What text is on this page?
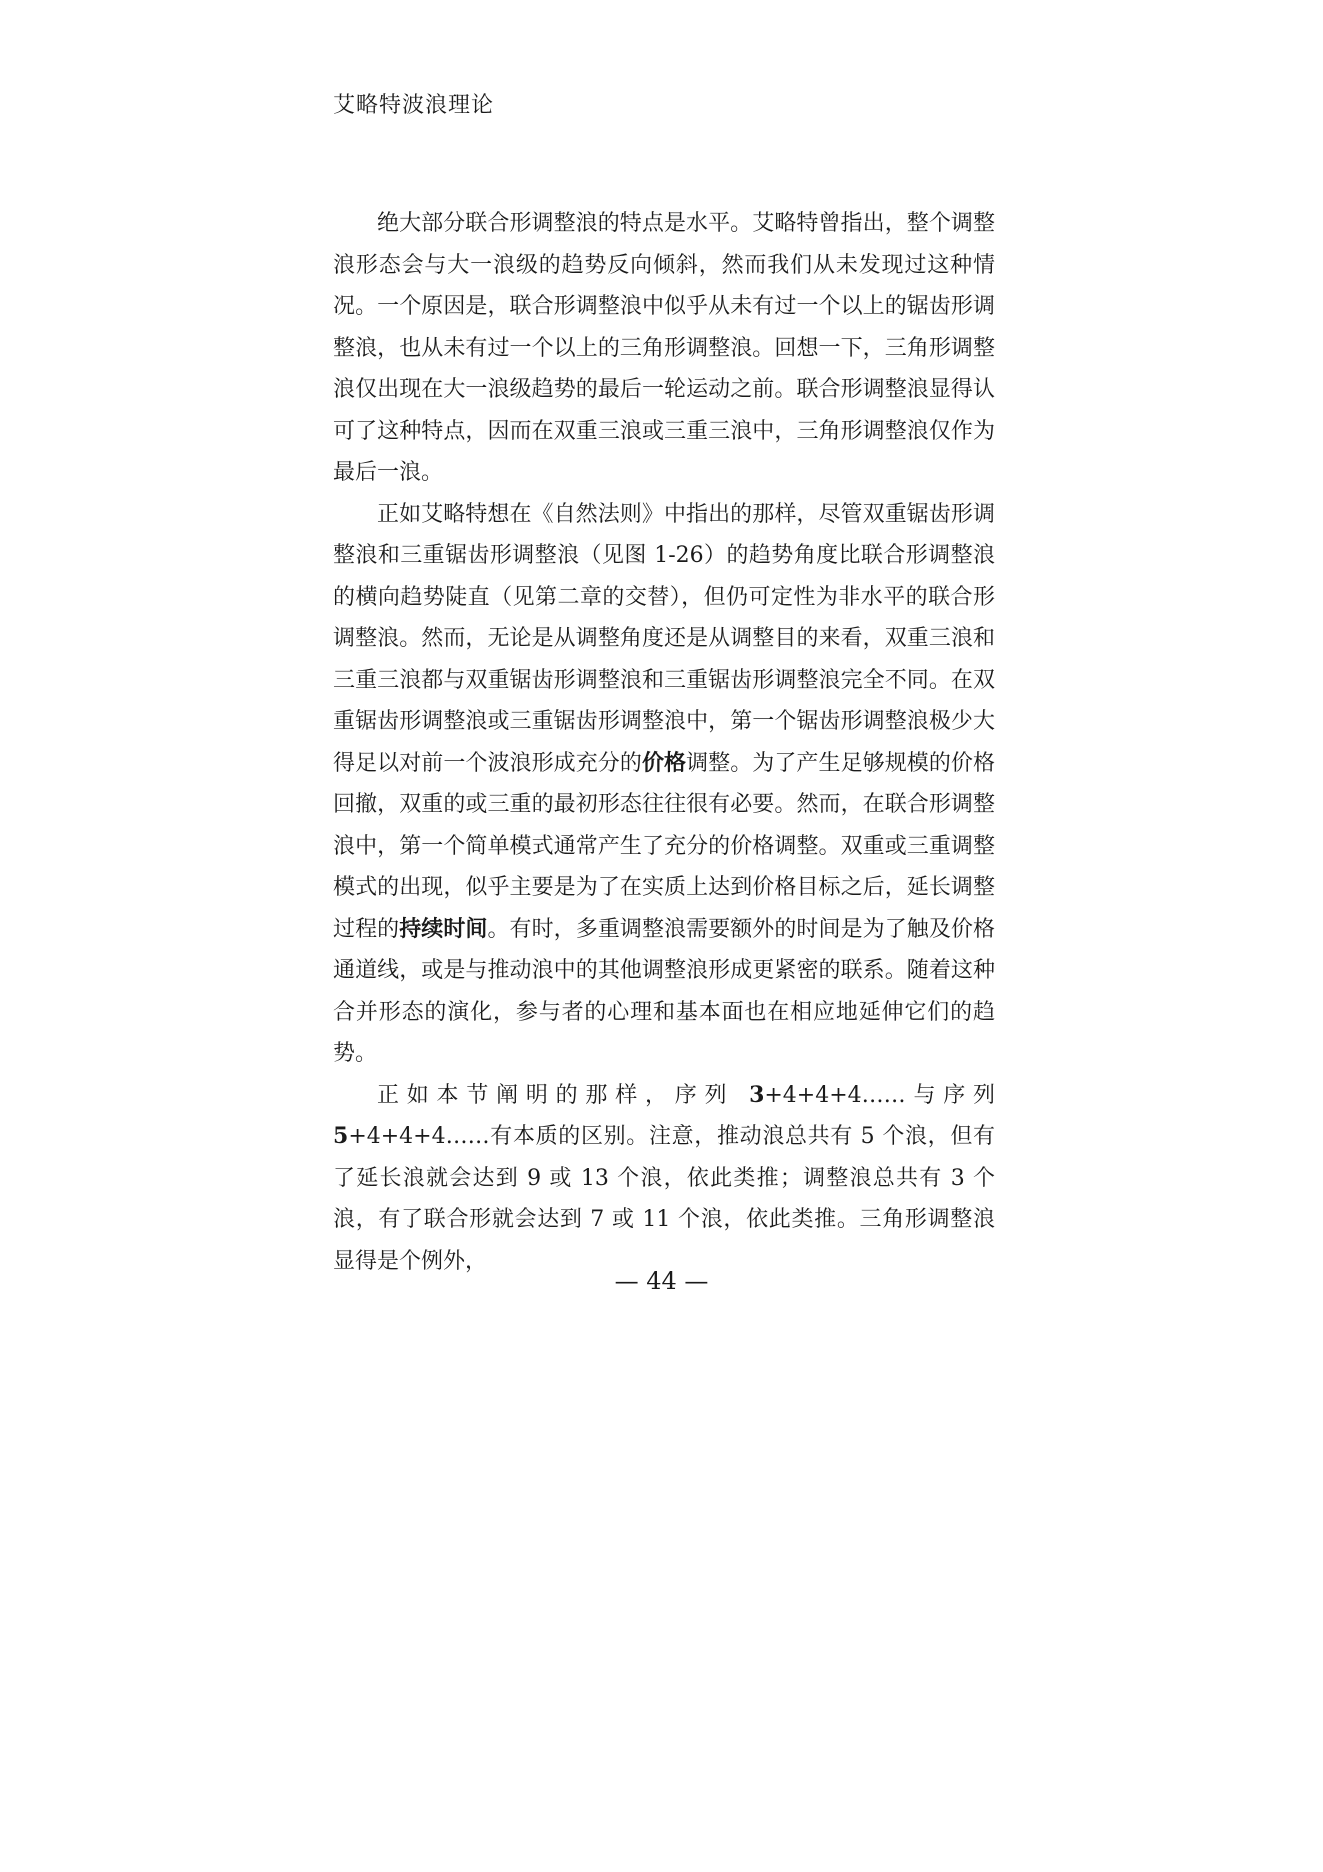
艾略特波浪理论

绝大部分联合形调整浪的特点是水平。艾略特曾指出，整个调整浪形态会与大一浪级的趋势反向倾斜，然而我们从未发现过这种情况。一个原因是，联合形调整浪中似乎从未有过一个以上的锯齿形调整浪，也从未有过一个以上的三角形调整浪。回想一下，三角形调整浪仅出现在大一浪级趋势的最后一轮运动之前。联合形调整浪显得认可了这种特点，因而在双重三浪或三重三浪中，三角形调整浪仅作为最后一浪。

正如艾略特想在《自然法则》中指出的那样，尽管双重锯齿形调整浪和三重锯齿形调整浪（见图 1-26）的趋势角度比联合形调整浪的横向趋势陡直（见第二章的交替），但仍可定性为非水平的联合形调整浪。然而，无论是从调整角度还是从调整目的来看，双重三浪和三重三浪都与双重锯齿形调整浪和三重锯齿形调整浪完全不同。在双重锯齿形调整浪或三重锯齿形调整浪中，第一个锯齿形调整浪极少大得足以对前一个波浪形成充分的价格调整。为了产生足够规模的价格回撤，双重的或三重的最初形态往往很有必要。然而，在联合形调整浪中，第一个简单模式通常产生了充分的价格调整。双重或三重调整模式的出现，似乎主要是为了在实质上达到价格目标之后，延长调整过程的持续时间。有时，多重调整浪需要额外的时间是为了触及价格通道线，或是与推动浪中的其他调整浪形成更紧密的联系。随着这种合并形态的演化，参与者的心理和基本面也在相应地延伸它们的趋势。

正如本节阐明的那样，序列 3+4+4+4……与序列 5+4+4+4……有本质的区别。注意，推动浪总共有 5 个浪，但有了延长浪就会达到 9 或 13 个浪，依此类推；调整浪总共有 3 个浪，有了联合形就会达到 7 或 11 个浪，依此类推。三角形调整浪显得是个例外，

— 44 —
